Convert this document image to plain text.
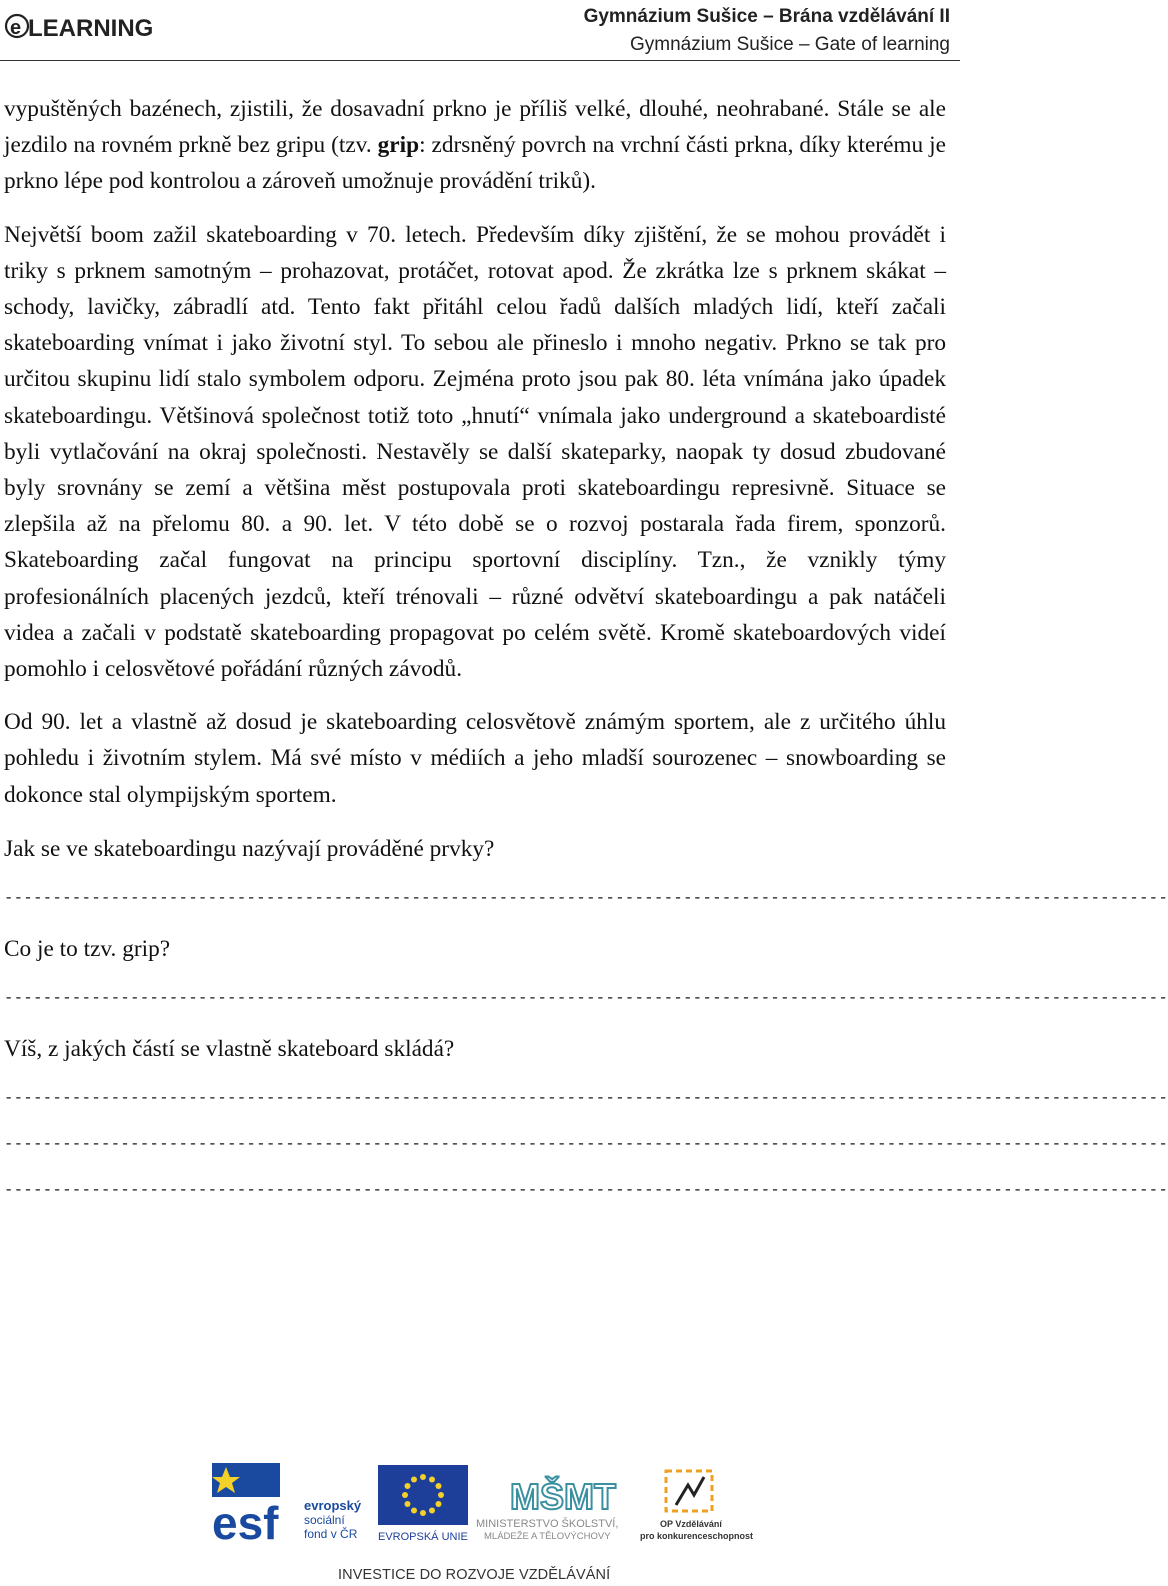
e LEARNING	Gymnázium Sušice – Brána vzdělávání II
Gymnázium Sušice – Gate of learning

vypuštěných bazénech, zjistili, že dosavadní prkno je příliš velké, dlouhé, neohrabané. Stále se ale jezdilo na rovném prkně bez gripu (tzv. grip: zdrsněný povrch na vrchní části prkna, díky kterému je prkno lépe pod kontrolou a zároveň umožnuje provádění triků).

Největší boom zažil skateboarding v 70. letech. Především díky zjištění, že se mohou provádět i triky s prknem samotným – prohazovat, protáčet, rotovat apod. Že zkrátka lze s prknem skákat – schody, lavičky, zábradlí atd. Tento fakt přitáhl celou řadů dalších mladých lidí, kteří začali skateboarding vnímat i jako životní styl. To sebou ale přineslo i mnoho negativ. Prkno se tak pro určitou skupinu lidí stalo symbolem odporu. Zejména proto jsou pak 80. léta vnímána jako úpadek skateboardingu. Většinová společnost totiž toto „hnutí“ vnímala jako underground a skateboardisté byli vytlačování na okraj společnosti. Nestavěly se další skateparky, naopak ty dosud zbudované byly srovnány se zemí a většina měst postupovala proti skateboardingu represivně. Situace se zlepšila až na přelomu 80. a 90. let. V této době se o rozvoj postarala řada firem, sponzorů. Skateboarding začal fungovat na principu sportovní disciplíny. Tzn., že vznikly týmy profesionálních placených jezdců, kteří trénovali – různé odvětví skateboardingu a pak natáčeli videa a začali v podstatě skateboarding propagovat po celém světě. Kromě skateboardových videí pomohlo i celosvětové pořádání různých závodů.

Od 90. let a vlastně až dosud je skateboarding celosvětově známým sportem, ale z určitého úhlu pohledu i životním stylem. Má své místo v médiích a jeho mladší sourozenec – snowboarding se dokonce stal olympijským sportem.

Jak se ve skateboardingu nazývají prováděné prvky?

------------------------------------------------------------------------------------------------------------------------

Co je to tzv. grip?

------------------------------------------------------------------------------------------------------------------------

Víš, z jakých částí se vlastně skateboard skládá?

------------------------------------------------------------------------------------------------------------------------
------------------------------------------------------------------------------------------------------------------------
------------------------------------------------------------------------------------------------------------------------
esf evropský
sociální
fond v ČR EVROPSKÁ UNIE
MŠMT
MINISTERSTVO ŠKOLSTVÍ,
MLÁDEŽE A TĚLOVÝCHOVY
OP Vzdělávání
pro konkurenceschopnost
INVESTICE DO ROZVOJE VZDĚLÁVÁNÍ
